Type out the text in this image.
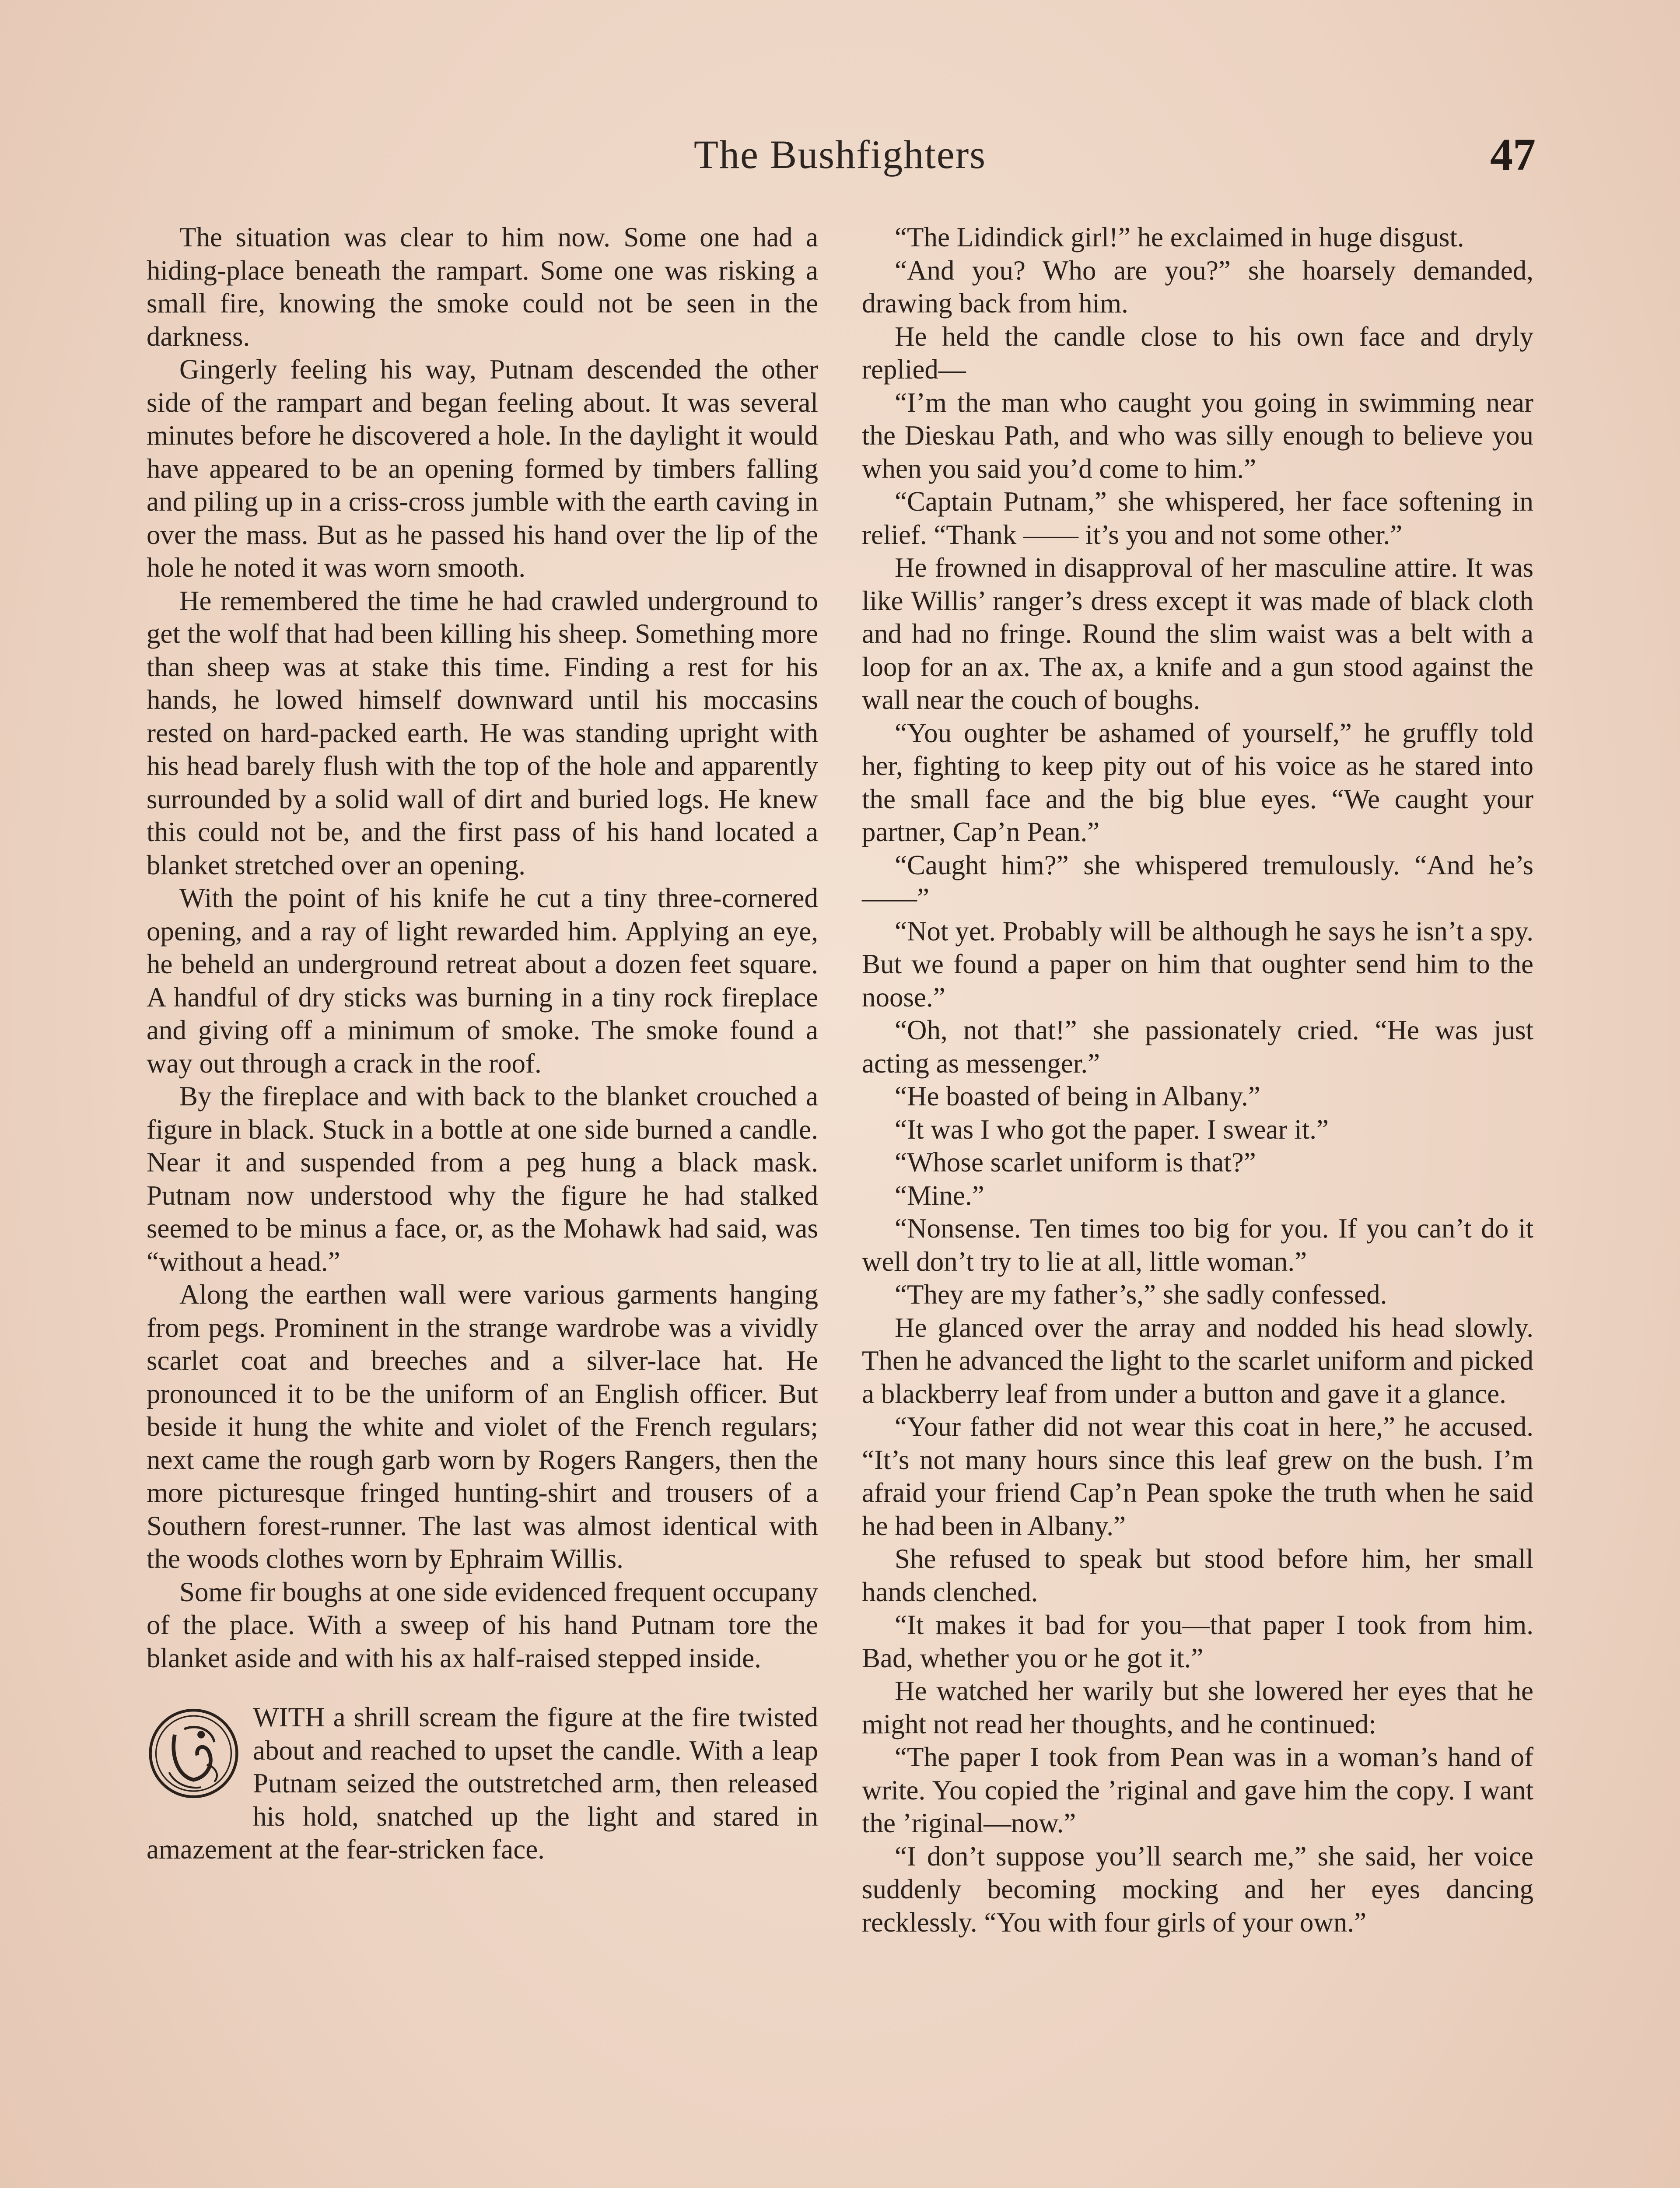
The Bushfighters	47

The situation was clear to him now. Some one had a hiding-place beneath the rampart. Some one was risking a small fire, knowing the smoke could not be seen in the darkness.

Gingerly feeling his way, Putnam descended the other side of the rampart and began feeling about. It was several minutes before he discovered a hole. In the daylight it would have appeared to be an opening formed by timbers falling and piling up in a criss-cross jumble with the earth caving in over the mass. But as he passed his hand over the lip of the hole he noted it was worn smooth.

He remembered the time he had crawled underground to get the wolf that had been killing his sheep. Something more than sheep was at stake this time. Finding a rest for his hands, he lowed himself downward until his moccasins rested on hard-packed earth. He was standing upright with his head barely flush with the top of the hole and apparently surrounded by a solid wall of dirt and buried logs. He knew this could not be, and the first pass of his hand located a blanket stretched over an opening.

With the point of his knife he cut a tiny three-cornered opening, and a ray of light rewarded him. Applying an eye, he beheld an underground retreat about a dozen feet square. A handful of dry sticks was burning in a tiny rock fireplace and giving off a minimum of smoke. The smoke found a way out through a crack in the roof.

By the fireplace and with back to the blanket crouched a figure in black. Stuck in a bottle at one side burned a candle. Near it and suspended from a peg hung a black mask. Putnam now understood why the figure he had stalked seemed to be minus a face, or, as the Mohawk had said, was “without a head.”

Along the earthen wall were various garments hanging from pegs. Prominent in the strange wardrobe was a vividly scarlet coat and breeches and a silver-lace hat. He pronounced it to be the uniform of an English officer. But beside it hung the white and violet of the French regulars; next came the rough garb worn by Rogers Rangers, then the more picturesque fringed hunting-shirt and trousers of a Southern forest-runner. The last was almost identical with the woods clothes worn by Ephraim Willis.

Some fir boughs at one side evidenced frequent occupany of the place. With a sweep of his hand Putnam tore the blanket aside and with his ax half-raised stepped inside.

WITH a shrill scream the figure at the fire twisted about and reached to upset the candle. With a leap Putnam seized the outstretched arm, then released his hold, snatched up the light and stared in amazement at the fear-stricken face.

“The Lidindick girl!” he exclaimed in huge disgust.

“And you? Who are you?” she hoarsely demanded, drawing back from him.

He held the candle close to his own face and dryly replied—

“I’m the man who caught you going in swimming near the Dieskau Path, and who was silly enough to believe you when you said you’d come to him.”

“Captain Putnam,” she whispered, her face softening in relief. “Thank —— it’s you and not some other.”

He frowned in disapproval of her masculine attire. It was like Willis’ ranger’s dress except it was made of black cloth and had no fringe. Round the slim waist was a belt with a loop for an ax. The ax, a knife and a gun stood against the wall near the couch of boughs.

“You oughter be ashamed of yourself,” he gruffly told her, fighting to keep pity out of his voice as he stared into the small face and the big blue eyes. “We caught your partner, Cap’n Pean.”

“Caught him?” she whispered tremulously. “And he’s——”

“Not yet. Probably will be although he says he isn’t a spy. But we found a paper on him that oughter send him to the noose.”

“Oh, not that!” she passionately cried. “He was just acting as messenger.”

“He boasted of being in Albany.”

“It was I who got the paper. I swear it.”

“Whose scarlet uniform is that?”

“Mine.”

“Nonsense. Ten times too big for you. If you can’t do it well don’t try to lie at all, little woman.”

“They are my father’s,” she sadly confessed.

He glanced over the array and nodded his head slowly. Then he advanced the light to the scarlet uniform and picked a blackberry leaf from under a button and gave it a glance.

“Your father did not wear this coat in here,” he accused. “It’s not many hours since this leaf grew on the bush. I’m afraid your friend Cap’n Pean spoke the truth when he said he had been in Albany.”

She refused to speak but stood before him, her small hands clenched.

“It makes it bad for you—that paper I took from him. Bad, whether you or he got it.”

He watched her warily but she lowered her eyes that he might not read her thoughts, and he continued:

“The paper I took from Pean was in a woman’s hand of write. You copied the ’riginal and gave him the copy. I want the ’riginal—now.”

“I don’t suppose you’ll search me,” she said, her voice suddenly becoming mocking and her eyes dancing recklessly. “You with four girls of your own.”
